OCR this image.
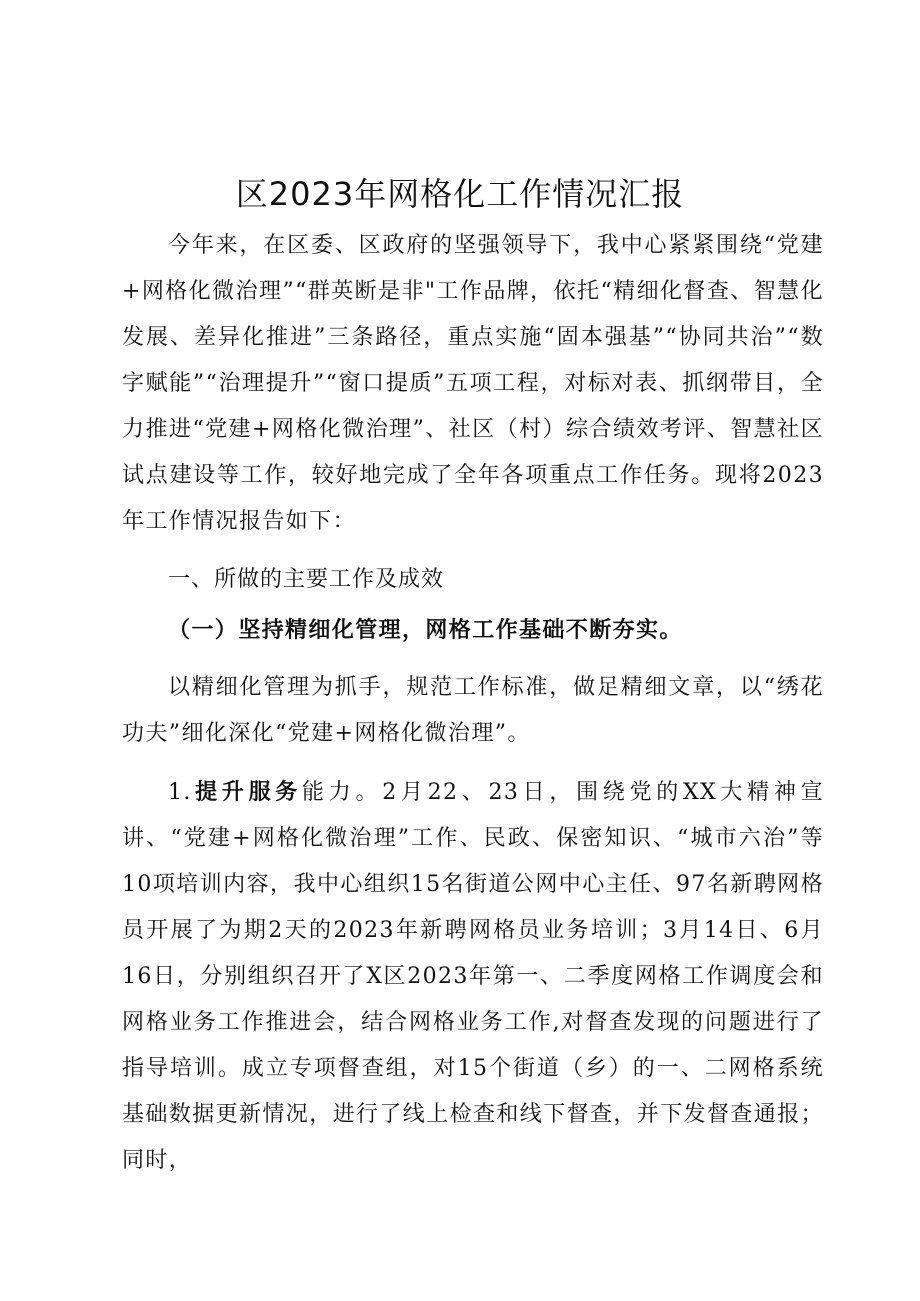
区2023年网格化工作情况汇报

今年来，在区委、区政府的坚强领导下，我中心紧紧围绕“党建+网格化微治理”“群英断是非"工作品牌，依托“精细化督查、智慧化发展、差异化推进”三条路径，重点实施“固本强基”“协同共治”“数字赋能”“治理提升”“窗口提质”五项工程，对标对表、抓纲带目，全力推进“党建+网格化微治理”、社区（村）综合绩效考评、智慧社区试点建设等工作，较好地完成了全年各项重点工作任务。现将2023年工作情况报告如下：

一、所做的主要工作及成效

（一）坚持精细化管理，网格工作基础不断夯实。

以精细化管理为抓手，规范工作标准，做足精细文章，以“绣花功夫”细化深化“党建+网格化微治理”。

1.提升服务能力。2月22、23日，围绕党的XX大精神宣讲、“党建+网格化微治理”工作、民政、保密知识、“城市六治”等10项培训内容，我中心组织15名街道公网中心主任、97名新聘网格员开展了为期2天的2023年新聘网格员业务培训；3月14日、6月16日，分别组织召开了X区2023年第一、二季度网格工作调度会和网格业务工作推进会，结合网格业务工作,对督查发现的问题进行了指导培训。成立专项督查组，对15个街道（乡）的一、二网格系统基础数据更新情况，进行了线上检查和线下督查，并下发督查通报；同时，
